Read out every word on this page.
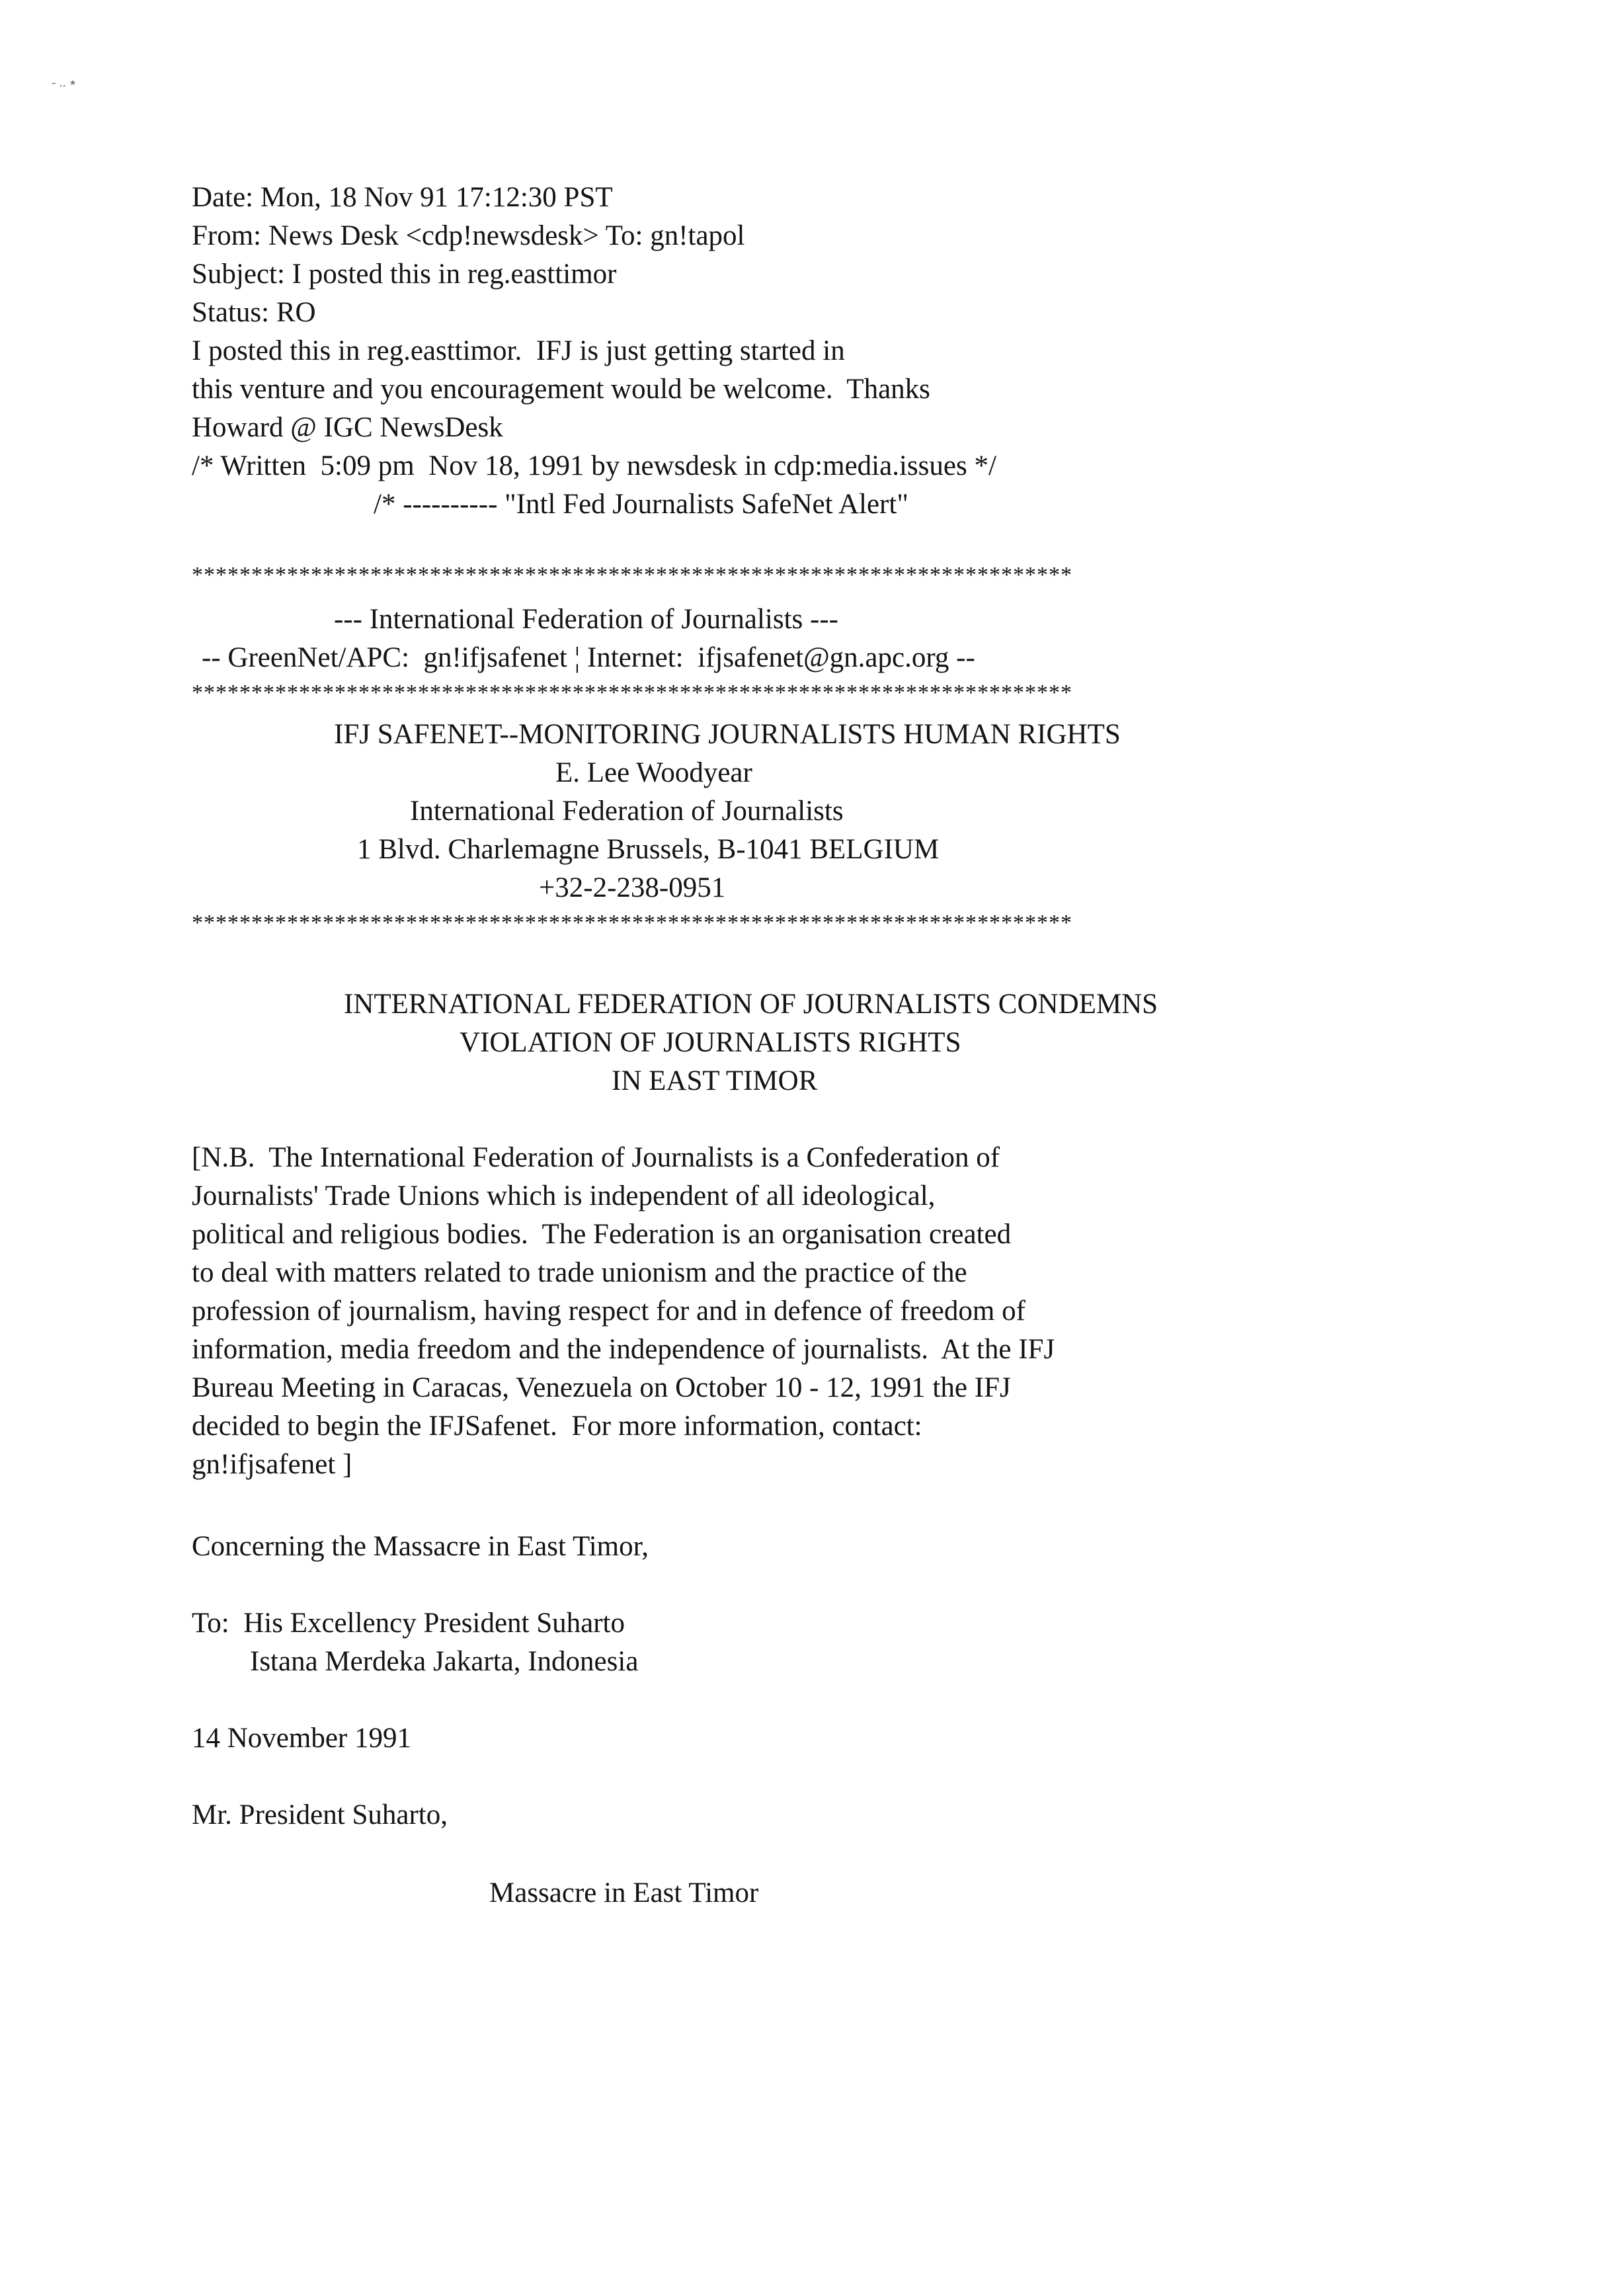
- .. ٭
Date: Mon, 18 Nov 91 17:12:30 PST
From: News Desk <cdp!newsdesk> To: gn!tapol
Subject: I posted this in reg.easttimor
Status: RO
I posted this in reg.easttimor.  IFJ is just getting started in
this venture and you encouragement would be welcome.  Thanks
Howard @ IGC NewsDesk
/* Written  5:09 pm  Nov 18, 1991 by newsdesk in cdp:media.issues */
/* ---------- "Intl Fed Journalists SafeNet Alert"
**************************************************************************
--- International Federation of Journalists ---
-- GreenNet/APC:  gn!ifjsafenet ¦ Internet:  ifjsafenet@gn.apc.org --
**************************************************************************
IFJ SAFENET--MONITORING JOURNALISTS HUMAN RIGHTS
E. Lee Woodyear
International Federation of Journalists
1 Blvd. Charlemagne Brussels, B-1041 BELGIUM
+32-2-238-0951
**************************************************************************
INTERNATIONAL FEDERATION OF JOURNALISTS CONDEMNS
VIOLATION OF JOURNALISTS RIGHTS
IN EAST TIMOR
[N.B.  The International Federation of Journalists is a Confederation of
Journalists' Trade Unions which is independent of all ideological,
political and religious bodies.  The Federation is an organisation created
to deal with matters related to trade unionism and the practice of the
profession of journalism, having respect for and in defence of freedom of
information, media freedom and the independence of journalists.  At the IFJ
Bureau Meeting in Caracas, Venezuela on October 10 - 12, 1991 the IFJ
decided to begin the IFJSafenet.  For more information, contact:
gn!ifjsafenet ]
Concerning the Massacre in East Timor,
To:  His Excellency President Suharto
Istana Merdeka Jakarta, Indonesia
14 November 1991
Mr. President Suharto,
Massacre in East Timor
